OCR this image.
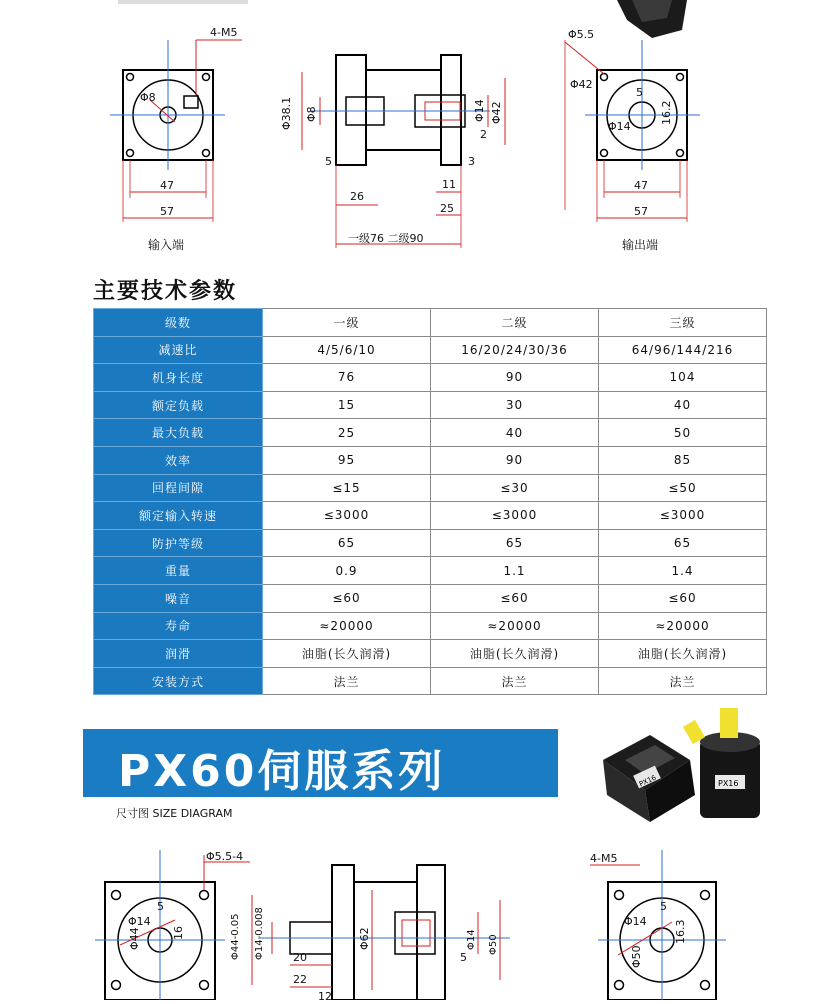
4-M5
Φ8
47
57
Φ38.1 Φ8	Φ14 Φ42
5
26
2
3
11
25
一级76 二级90
Φ5.5
Φ42
Φ14
5
16.2
47
57
输入端	输出端
主要技术参数
级数	一级	二级	三级
减速比	4/5/6/10	16/20/24/30/36	64/96/144/216
机身长度	76	90	104
额定负载	15	30	40
最大负载	25	40	50
效率	95	90	85
回程间隙	≤15	≤30	≤50
额定输入转速	≤3000	≤3000	≤3000
防护等级	65	65	65
重量	0.9	1.1	1.4
噪音	≤60	≤60	≤60
寿命	≈20000	≈20000	≈20000
润滑	油脂(长久润滑)	油脂(长久润滑)	油脂(长久润滑)
安装方式	法兰	法兰	法兰
PX60伺服系列
尺寸图 SIZE DIAGRAM
PX16	PX16
Φ5.5-4
Φ14
Φ44
5
16	Φ44-0.05 Φ14-0.008	Φ62	Φ14 Φ50
20
22
5
12
4-M5
Φ14
Φ50
5
16.3
